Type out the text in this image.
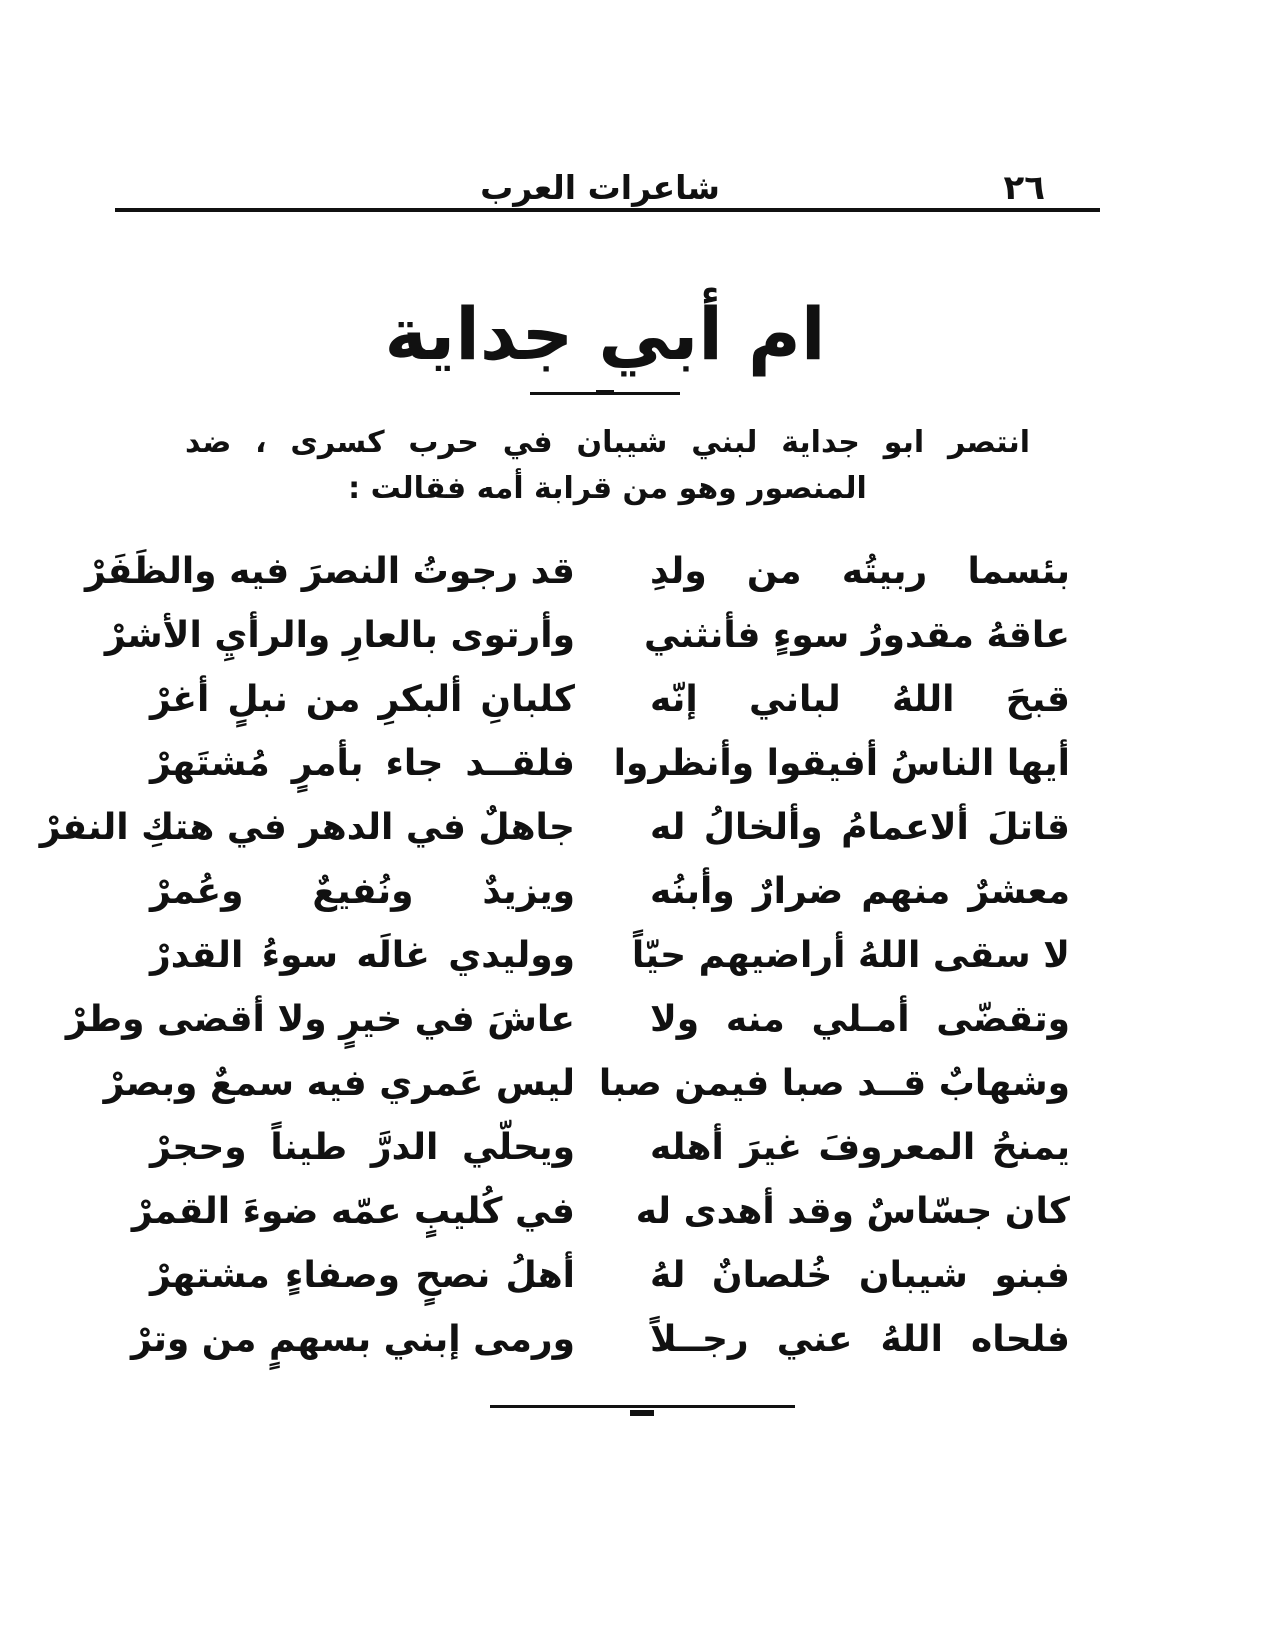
٢٦
شاعرات العرب
ام أبي جداية
انتصر ابو جداية لبني شيبان في حرب كسرى ، ضد المنصور وهو من قرابة أمه فقالت :
بئسما ربيتُه من ولدِ
قد رجوتُ النصرَ فيه والظَفَرْ
عاقهُ مقدورُ سوءٍ فأنثني
وأرتوى بالعارِ والرأيِ الأشرْ
قبحَ اللهُ لباني إنّه
كلبانِ ألبكرِ من نبلٍ أغرْ
أيها الناسُ أفيقوا وأنظروا
فلقــد جاء بأمرٍ مُشتَهرْ
قاتلَ ألاعمامُ وألخالُ له
جاهلٌ في الدهر في هتكِ النفرْ
معشرٌ منهم ضرارٌ وأبنُه
ويزيدٌ ونُفيعٌ وعُمرْ
لا سقى اللهُ أراضيهم حيّاً
ووليدي غالَه سوءُ القدرْ
وتقضّى أمـلي منه ولا
عاشَ في خيرٍ ولا أقضى وطرْ
وشهابٌ قــد صبا فيمن صبا
ليس عَمري فيه سمعٌ وبصرْ
يمنحُ المعروفَ غيرَ أهله
ويحلّي الدرَّ طيناً وحجرْ
كان جسّاسٌ وقد أهدى له
في كُليبٍ عمّه ضوءَ القمرْ
فبنو شيبان خُلصانٌ لهُ
أهلُ نصحٍ وصفاءٍ مشتهرْ
فلحاه اللهُ عني رجــلاً
ورمى إبني بسهمٍ من وترْ
